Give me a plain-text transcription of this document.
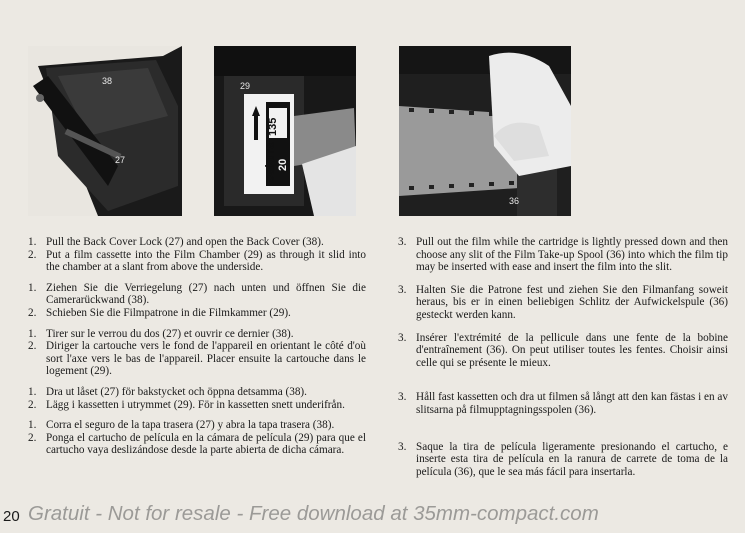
38
27	sakura
135
20
29
36
1. Pull the Back Cover Lock (27) and open the Back Cover (38).
2. Put a film cassette into the Film Chamber (29) as through it slid into the chamber at a slant from above the underside.
1. Ziehen Sie die Verriegelung (27) nach unten und öffnen Sie die Camerarückwand (38).
2. Schieben Sie die Filmpatrone in die Filmkammer (29).
1. Tirer sur le verrou du dos (27) et ouvrir ce dernier (38).
2. Diriger la cartouche vers le fond de l'appareil en orientant le côté d'où sort l'axe vers le bas de l'appareil. Placer ensuite la cartouche dans le logement (29).
1. Dra ut låset (27) för bakstycket och öppna detsamma (38).
2. Lägg i kassetten i utrymmet (29). För in kassetten snett underifrån.
1. Corra el seguro de la tapa trasera (27) y abra la tapa trasera (38).
2. Ponga el cartucho de película en la cámara de película (29) para que el cartucho vaya deslizándose desde la parte abierta de dicha cámara.
3. Pull out the film while the cartridge is lightly pressed down and then choose any slit of the Film Take-up Spool (36) into which the film tip may be inserted with ease and insert the film into the slit.
3. Halten Sie die Patrone fest und ziehen Sie den Filmanfang soweit heraus, bis er in einen beliebigen Schlitz der Aufwickelspule (36) gesteckt werden kann.
3. Insérer l'extrémité de la pellicule dans une fente de la bobine d'entraînement (36). On peut utiliser toutes les fentes. Choisir ainsi celle qui se présente le mieux.
3. Håll fast kassetten och dra ut filmen så långt att den kan fästas i en av slitsarna på filmupptagningsspolen (36).
3. Saque la tira de película ligeramente presionando el cartucho, e inserte esta tira de película en la ranura de carrete de toma de la película (36), que le sea más fácil para insertarla.
20 Gratuit - Not for resale - Free download at 35mm-compact.com
